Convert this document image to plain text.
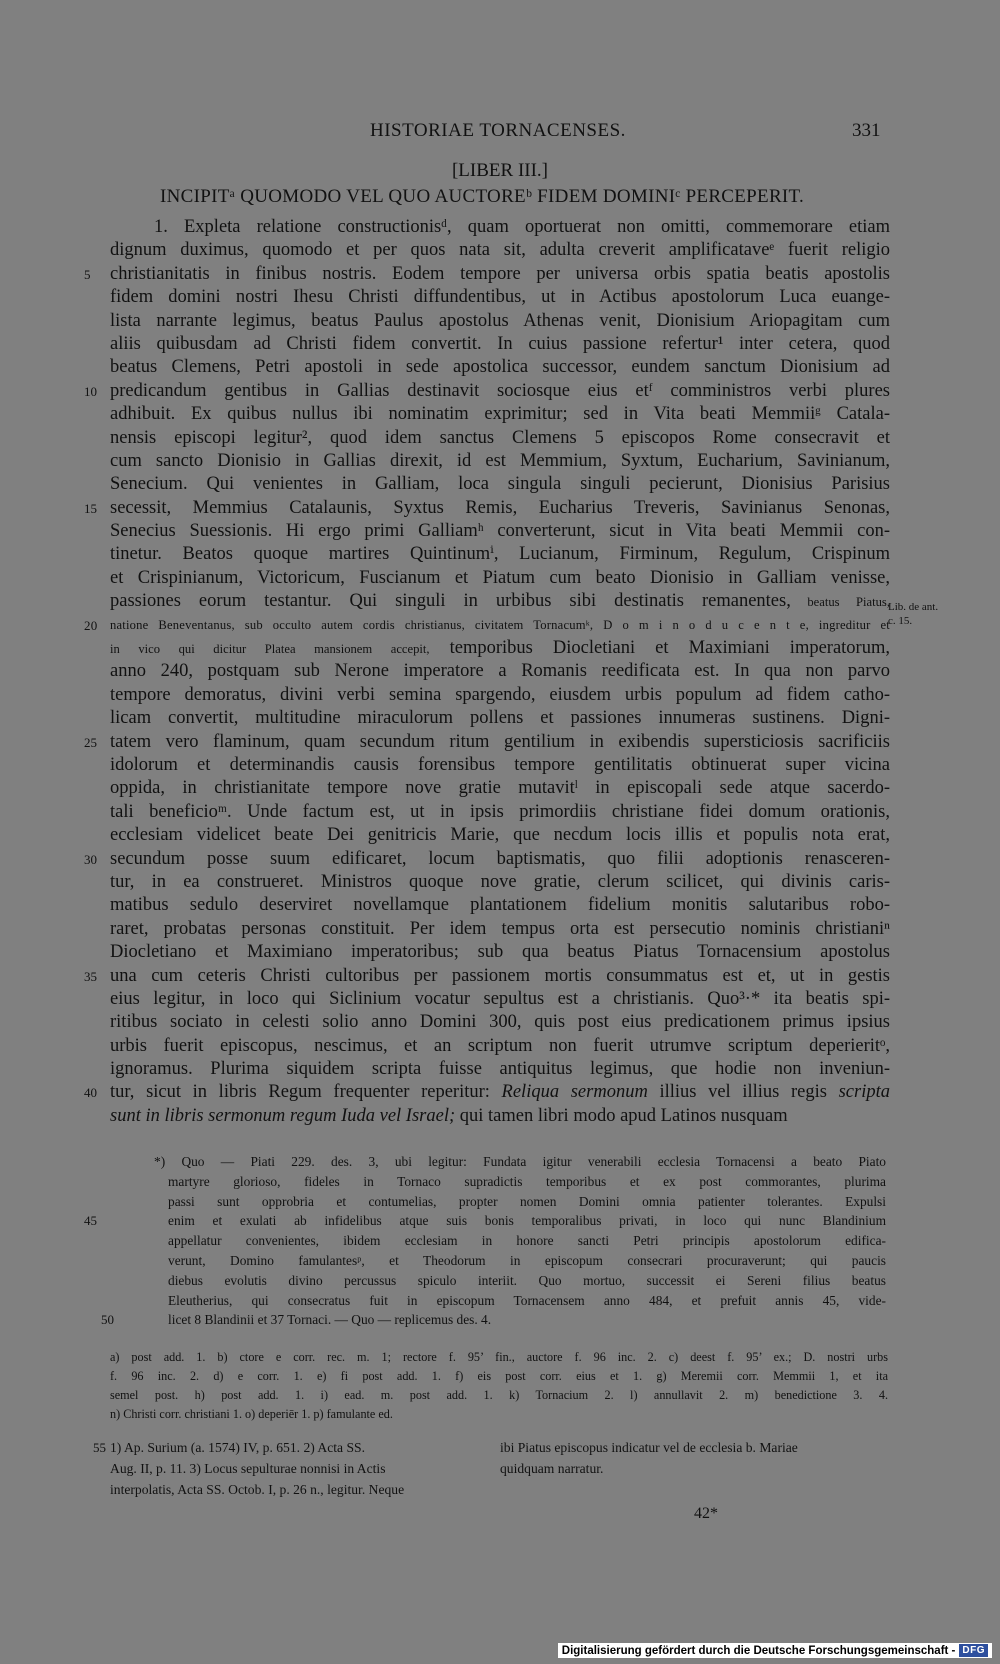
HISTORIAE TORNACENSES.	331
[LIBER III.]
INCIPITᵃ QUOMODO VEL QUO AUCTOREᵇ FIDEM DOMINIᶜ PERCEPERIT.
1. Expleta relatione constructionisᵈ, quam oportuerat non omitti, commemorare etiam
dignum duximus, quomodo et per quos nata sit, adulta creverit amplificataveᵉ fuerit religio
5	christianitatis in finibus nostris. Eodem tempore per universa orbis spatia beatis apostolis
fidem domini nostri Ihesu Christi diffundentibus, ut in Actibus apostolorum Luca euange-
lista narrante legimus, beatus Paulus apostolus Athenas venit, Dionisium Ariopagitam cum
aliis quibusdam ad Christi fidem convertit. In cuius passione refertur¹ inter cetera, quod
beatus Clemens, Petri apostoli in sede apostolica successor, eundem sanctum Dionisium ad
10 predicandum gentibus in Gallias destinavit sociosque eius etᶠ comministros verbi plures
adhibuit. Ex quibus nullus ibi nominatim exprimitur; sed in Vita beati Memmiiᵍ Catala-
nensis episcopi legitur², quod idem sanctus Clemens 5 episcopos Rome consecravit et
cum sancto Dionisio in Gallias direxit, id est Memmium, Syxtum, Eucharium, Savinianum,
Senecium. Qui venientes in Galliam, loca singula singuli pecierunt, Dionisius Parisius
15 secessit, Memmius Catalaunis, Syxtus Remis, Eucharius Treveris, Savinianus Senonas,
Senecius Suessionis. Hi ergo primi Galliamʰ converterunt, sicut in Vita beati Memmii con-
tinetur. Beatos quoque martires Quintinumⁱ, Lucianum, Firminum, Regulum, Crispinum
et Crispinianum, Victoricum, Fuscianum et Piatum cum beato Dionisio in Galliam venisse,
passiones eorum testantur. Qui singuli in urbibus sibi destinatis remanentes, beatus Piatus,
20 natione Beneventanus, sub occulto autem cordis christianus, civitatem Tornacumᵏ, D o m i n o d u c e n t e, ingreditur et
in vico qui dicitur Platea mansionem accepit, temporibus Diocletiani et Maximiani imperatorum,
anno 240, postquam sub Nerone imperatore a Romanis reedificata est. In qua non parvo
tempore demoratus, divini verbi semina spargendo, eiusdem urbis populum ad fidem catho-
licam convertit, multitudine miraculorum pollens et passiones innumeras sustinens. Digni-
25 tatem vero flaminum, quam secundum ritum gentilium in exibendis supersticiosis sacrificiis
idolorum et determinandis causis forensibus tempore gentilitatis obtinuerat super vicina
oppida, in christianitate tempore nove gratie mutavitˡ in episcopali sede atque sacerdo-
tali beneficioᵐ. Unde factum est, ut in ipsis primordiis christiane fidei domum orationis,
ecclesiam videlicet beate Dei genitricis Marie, que necdum locis illis et populis nota erat,
30 secundum posse suum edificaret, locum baptismatis, quo filii adoptionis renasceren-
tur, in ea construeret. Ministros quoque nove gratie, clerum scilicet, qui divinis caris-
matibus sedulo deserviret novellamque plantationem fidelium monitis salutaribus robo-
raret, probatas personas constituit. Per idem tempus orta est persecutio nominis christianiⁿ
Diocletiano et Maximiano imperatoribus; sub qua beatus Piatus Tornacensium apostolus
35 una cum ceteris Christi cultoribus per passionem mortis consummatus est et, ut in gestis
eius legitur, in loco qui Siclinium vocatur sepultus est a christianis. Quo³·* ita beatis spi-
ritibus sociato in celesti solio anno Domini 300, quis post eius predicationem primus ipsius
urbis fuerit episcopus, nescimus, et an scriptum non fuerit utrumve scriptum deperieritᵒ,
ignoramus. Plurima siquidem scripta fuisse antiquitus legimus, que hodie non inveniun-
40 tur, sicut in libris Regum frequenter reperitur: Reliqua sermonum illius vel illius regis scripta
sunt in libris sermonum regum Iuda vel Israel; qui tamen libri modo apud Latinos nusquam
Lib. de ant.
c. 15.
*) Quo — Piati 229. des. 3, ubi legitur: Fundata igitur venerabili ecclesia Tornacensi a beato Piato
martyre glorioso, fideles in Tornaco supradictis temporibus et ex post commorantes, plurima
passi sunt opprobria et contumelias, propter nomen Domini omnia patienter tolerantes. Expulsi
45	enim et exulati ab infidelibus atque suis bonis temporalibus privati, in loco qui nunc Blandinium
appellatur convenientes, ibidem ecclesiam in honore sancti Petri principis apostolorum edifica-
verunt, Domino famulantesᵖ, et Theodorum in episcopum consecrari procuraverunt; qui paucis
diebus evolutis divino percussus spiculo interiit. Quo mortuo, successit ei Sereni filius beatus
Eleutherius, qui consecratus fuit in episcopum Tornacensem anno 484, et prefuit annis 45, vide-
50	licet 8 Blandinii et 37 Tornaci. — Quo — replicemus des. 4.
a) post add. 1. b) ctore e corr. rec. m. 1; rectore f. 95’ fin., auctore f. 96 inc. 2. c) deest f. 95’ ex.; D. nostri urbs
f. 96 inc. 2. d) e corr. 1. e) fi post add. 1. f) eis post corr. eius et 1. g) Meremii corr. Memmii 1, et ita
semel post. h) post add. 1. i) ead. m. post add. 1. k) Tornacium 2. l) annullavit 2. m) benedictione 3. 4.
n) Christi corr. christiani 1. o) deperiēr 1. p) famulante ed.
55 1) Ap. Surium (a. 1574) IV, p. 651. 2) Acta SS.	ibi Piatus episcopus indicatur vel de ecclesia b. Mariae
Aug. II, p. 11. 3) Locus sepulturae nonnisi in Actis	quidquam narratur.
interpolatis, Acta SS. Octob. I, p. 26 n., legitur. Neque
42*
Digitalisierung gefördert durch die Deutsche Forschungsgemeinschaft - DFG
